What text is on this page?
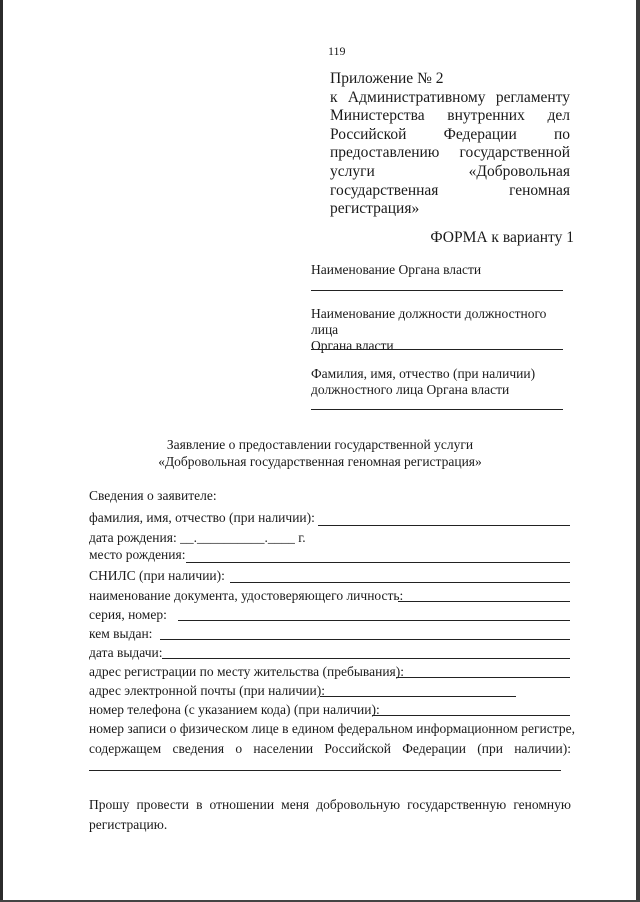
119
Приложение № 2
к Административному регламенту
Министерства внутренних дел
Российской Федерации по
предоставлению государственной
услуги «Добровольная
государственная геномная
регистрация»
ФОРМА к варианту 1
Наименование Органа власти
Наименование должности должностного лица
Органа власти
Фамилия, имя, отчество (при наличии)
должностного лица Органа власти
Заявление о предоставлении государственной услуги
«Добровольная государственная геномная регистрация»
Сведения о заявителе:
фамилия, имя, отчество (при наличии):
дата рождения: __.__________.____ г.
место рождения:
СНИЛС (при наличии):
наименование документа, удостоверяющего личность:
серия, номер:
кем выдан:
дата выдачи:
адрес регистрации по месту жительства (пребывания):
адрес электронной почты (при наличии):
номер телефона (с указанием кода) (при наличии):
номер записи о физическом лице в едином федеральном информационном регистре,
содержащем сведения о населении Российской Федерации (при наличии):
Прошу провести в отношении меня добровольную государственную геномную
регистрацию.
